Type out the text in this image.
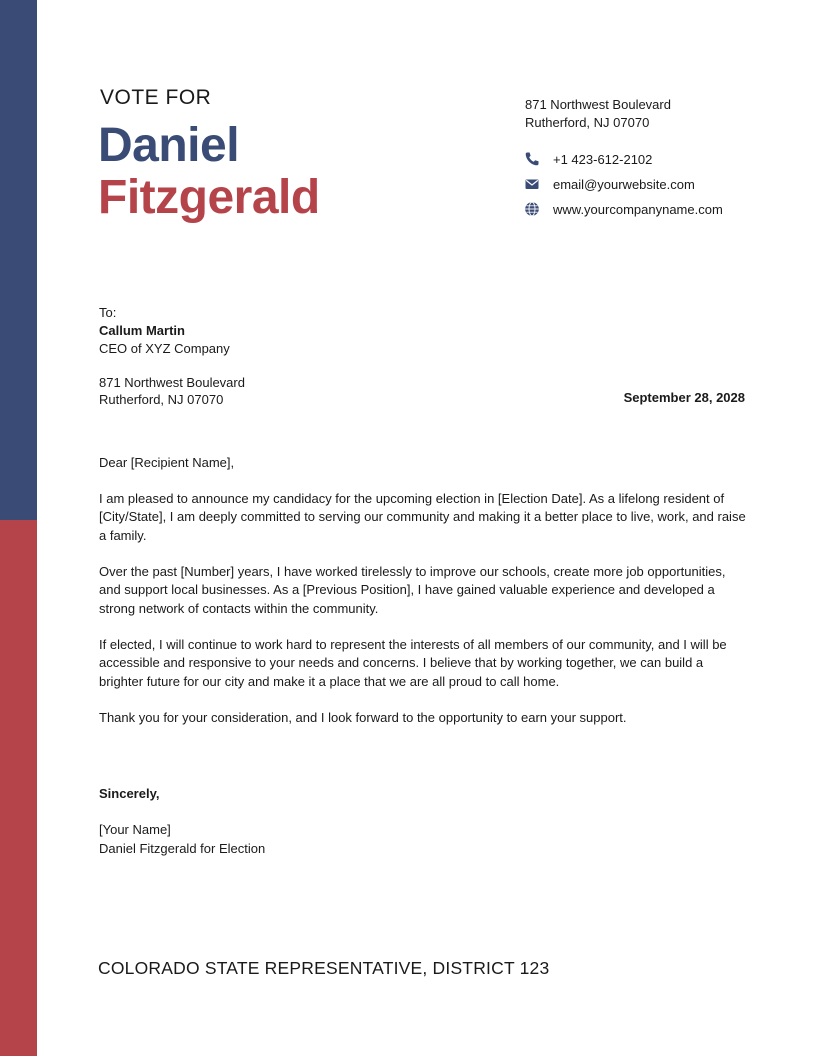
VOTE FOR
Daniel
Fitzgerald
871 Northwest Boulevard
Rutherford, NJ 07070
+1 423-612-2102
email@yourwebsite.com
www.yourcompanyname.com
To:
Callum Martin
CEO of XYZ Company
871 Northwest Boulevard
Rutherford, NJ 07070	September 28, 2028
Dear [Recipient Name],
I am pleased to announce my candidacy for the upcoming election in [Election Date]. As a lifelong resident of [City/State], I am deeply committed to serving our community and making it a better place to live, work, and raise a family.
Over the past [Number] years, I have worked tirelessly to improve our schools, create more job opportunities, and support local businesses. As a [Previous Position], I have gained valuable experience and developed a strong network of contacts within the community.
If elected, I will continue to work hard to represent the interests of all members of our community, and I will be accessible and responsive to your needs and concerns. I believe that by working together, we can build a brighter future for our city and make it a place that we are all proud to call home.
Thank you for your consideration, and I look forward to the opportunity to earn your support.
Sincerely,
[Your Name]
Daniel Fitzgerald for Election
COLORADO STATE REPRESENTATIVE, DISTRICT 123
